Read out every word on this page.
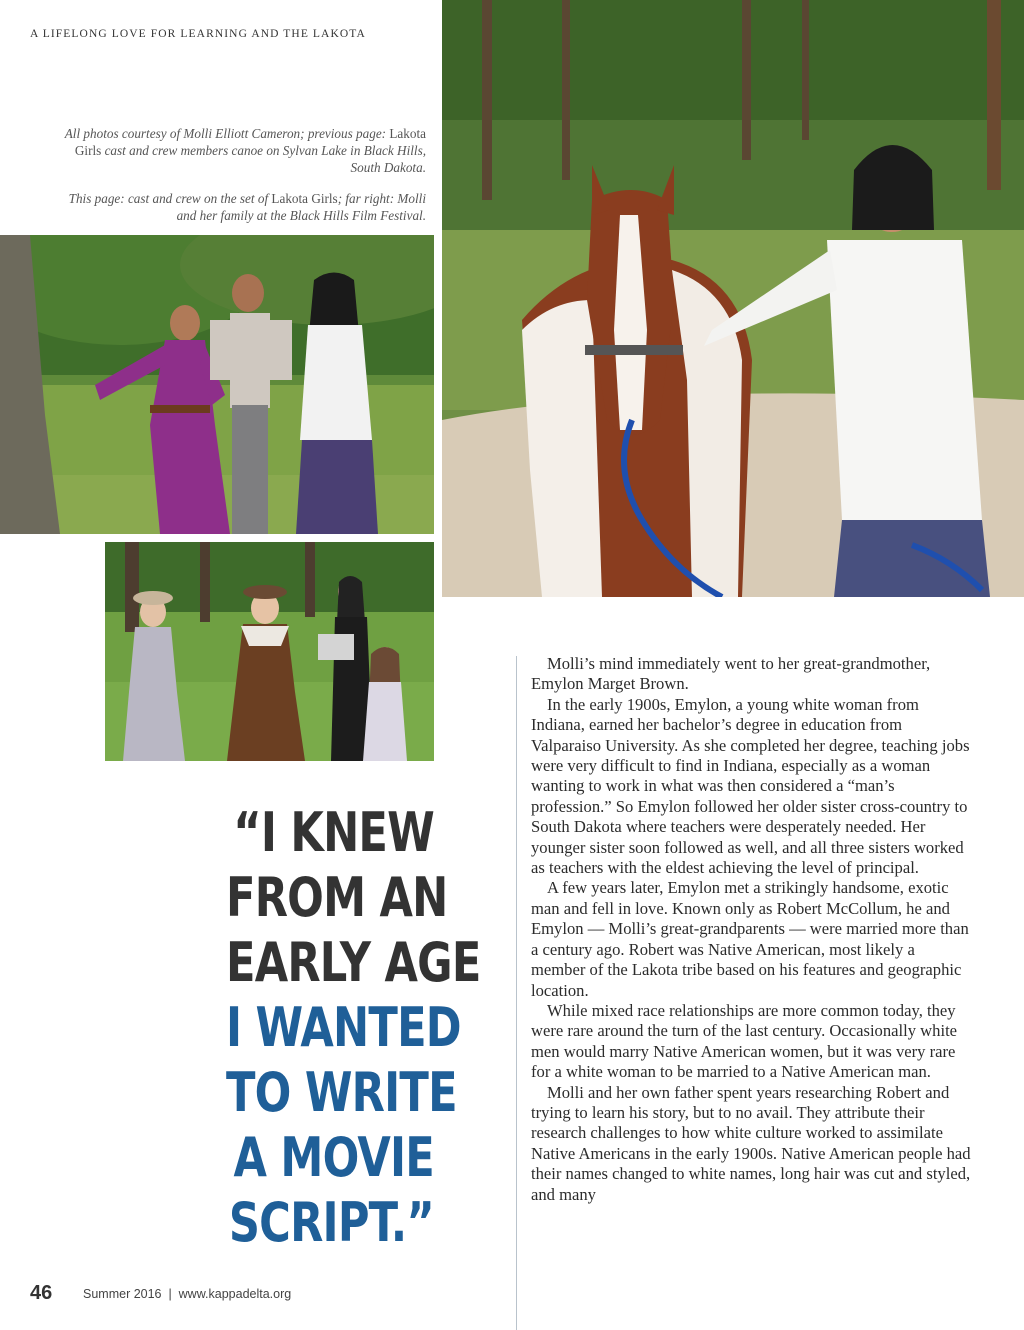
A LIFELONG LOVE FOR LEARNING AND THE LAKOTA
All photos courtesy of Molli Elliott Cameron; previous page: Lakota Girls cast and crew members canoe on Sylvan Lake in Black Hills, South Dakota.
This page: cast and crew on the set of Lakota Girls; far right: Molli and her family at the Black Hills Film Festival.
“I KNEW
FROM AN
EARLY AGE
I WANTED
TO WRITE
A MOVIE
SCRIPT.”

Molli’s mind immediately went to her great-grandmother, Emylon Marget Brown.

In the early 1900s, Emylon, a young white woman from Indiana, earned her bachelor’s degree in education from Valparaiso University. As she completed her degree, teaching jobs were very difficult to find in Indiana, especially as a woman wanting to work in what was then considered a “man’s profession.” So Emylon followed her older sister cross-country to South Dakota where teachers were desperately needed. Her younger sister soon followed as well, and all three sisters worked as teachers with the eldest achieving the level of principal.

A few years later, Emylon met a strikingly handsome, exotic man and fell in love. Known only as Robert McCollum, he and Emylon — Molli’s great-grandparents — were married more than a century ago. Robert was Native American, most likely a member of the Lakota tribe based on his features and geographic location.

While mixed race relationships are more common today, they were rare around the turn of the last century. Occasionally white men would marry Native American women, but it was very rare for a white woman to be married to a Native American man.

Molli and her own father spent years researching Robert and trying to learn his story, but to no avail. They attribute their research challenges to how white culture worked to assimilate Native Americans in the early 1900s. Native American people had their names changed to white names, long hair was cut and styled, and many

46 Summer 2016  |  www.kappadelta.org
